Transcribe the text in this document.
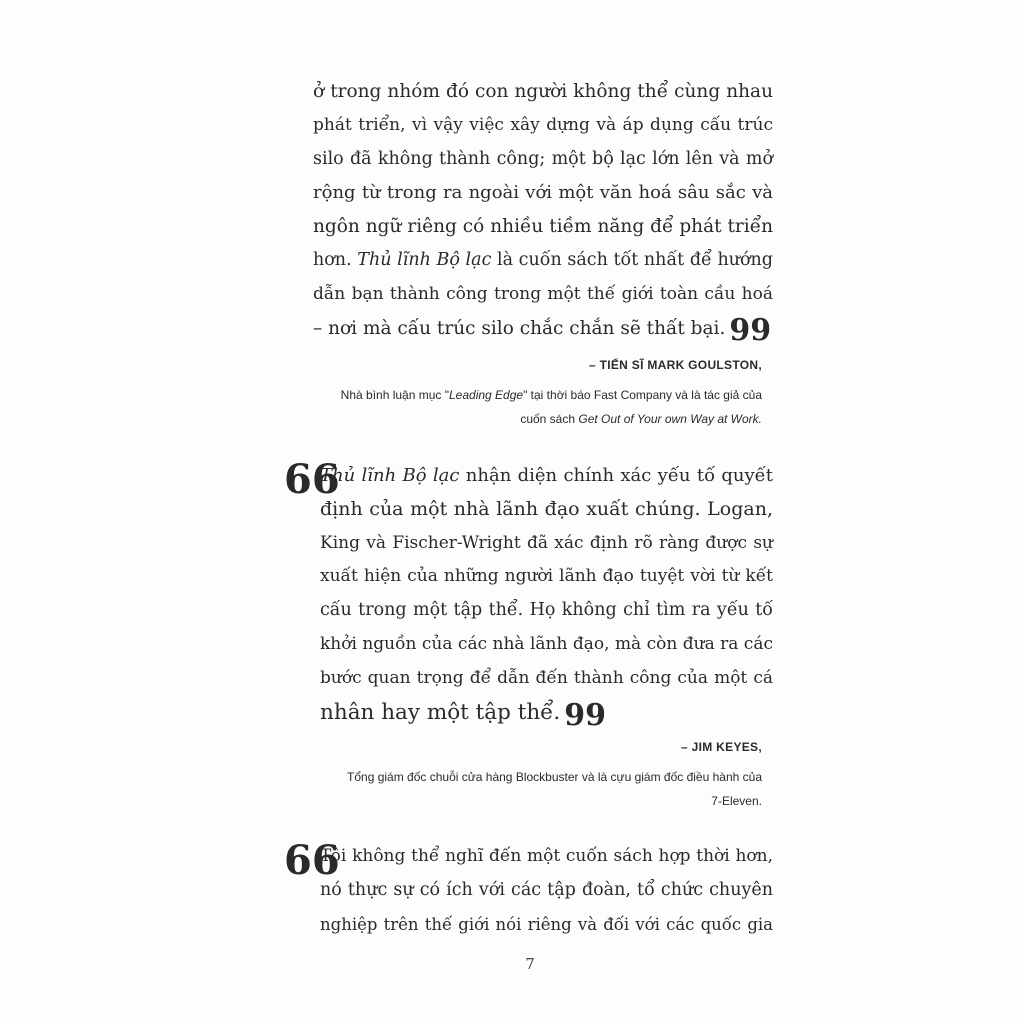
ở trong nhóm đó con người không thể cùng nhau
phát triển, vì vậy việc xây dựng và áp dụng cấu trúc
silo đã không thành công; một bộ lạc lớn lên và mở
rộng từ trong ra ngoài với một văn hoá sâu sắc và
ngôn ngữ riêng có nhiều tiềm năng để phát triển
hơn. Thủ lĩnh Bộ lạc là cuốn sách tốt nhất để hướng
dẫn bạn thành công trong một thế giới toàn cầu hoá
– nơi mà cấu trúc silo chắc chắn sẽ thất bại. 99
– TIẾN SĨ MARK GOULSTON,
Nhà bình luận mục "Leading Edge" tại thời báo Fast Company và là tác giả của
cuốn sách Get Out of Your own Way at Work.
66
Thủ lĩnh Bộ lạc nhận diện chính xác yếu tố quyết
định của một nhà lãnh đạo xuất chúng. Logan,
King và Fischer-Wright đã xác định rõ ràng được sự
xuất hiện của những người lãnh đạo tuyệt vời từ kết
cấu trong một tập thể. Họ không chỉ tìm ra yếu tố
khởi nguồn của các nhà lãnh đạo, mà còn đưa ra các
bước quan trọng để dẫn đến thành công của một cá
nhân hay một tập thể. 99
– JIM KEYES,
Tổng giám đốc chuỗi cửa hàng Blockbuster và là cựu giám đốc điều hành của
7-Eleven.
66
Tôi không thể nghĩ đến một cuốn sách hợp thời hơn,
nó thực sự có ích với các tập đoàn, tổ chức chuyên
nghiệp trên thế giới nói riêng và đối với các quốc gia
7
